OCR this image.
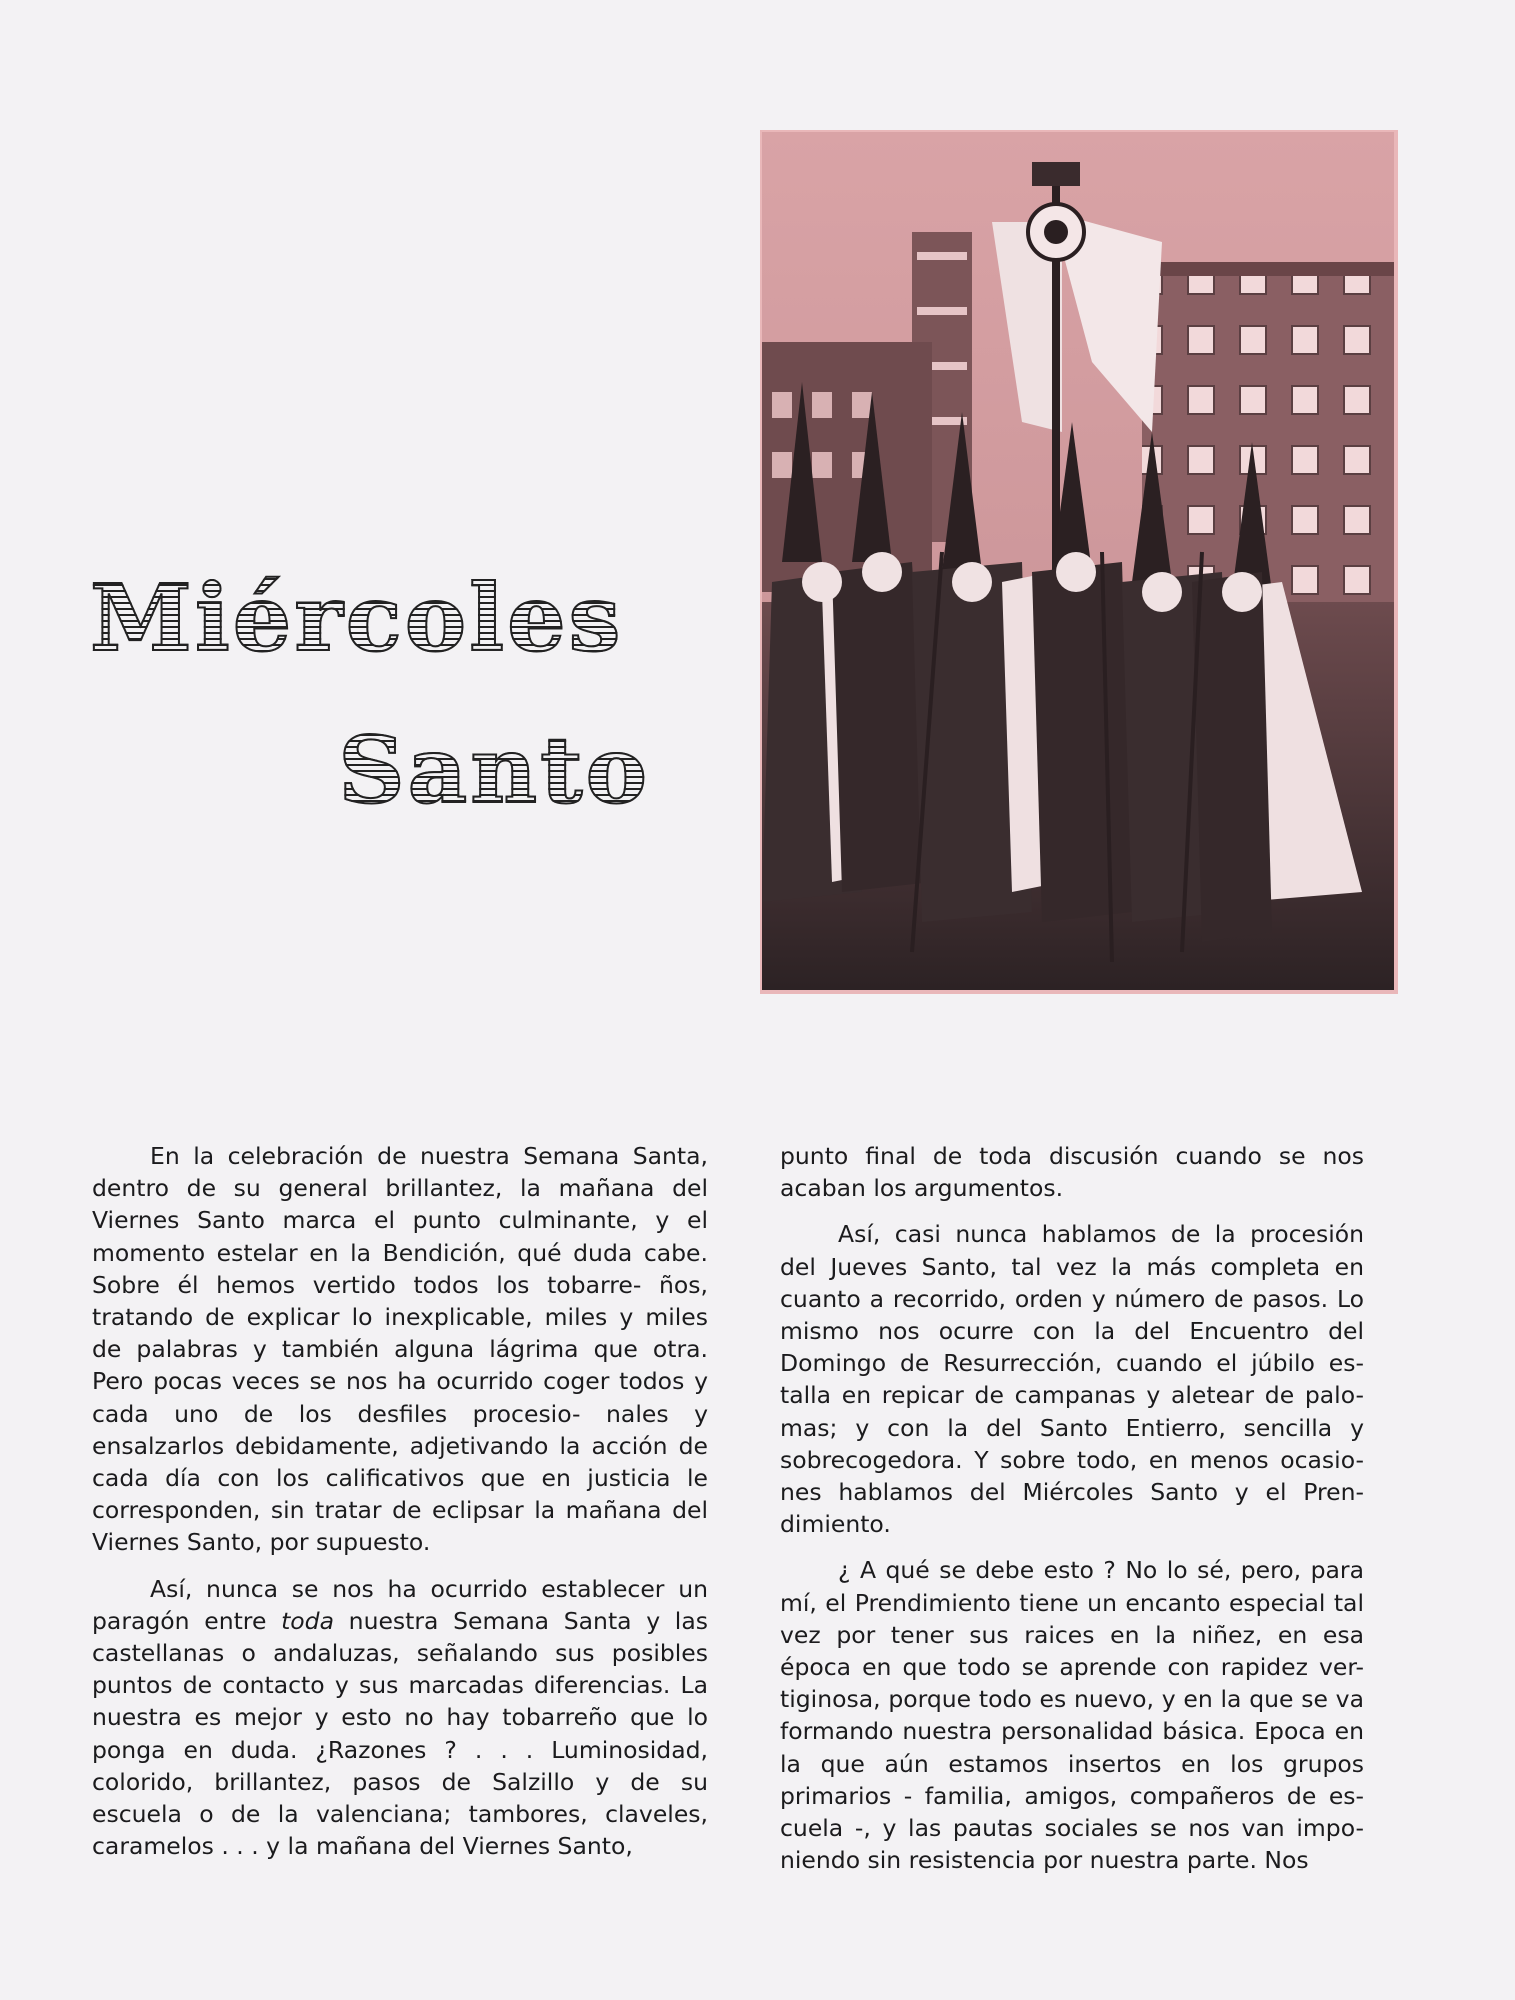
Miércoles
Santo

En la celebración de nuestra Semana Santa, dentro de su general brillantez, la mañana del Viernes Santo marca el punto culminante, y el momento estelar en la Bendición, qué duda cabe. Sobre él hemos vertido todos los tobarre- ños, tratando de explicar lo inexplicable, miles y miles de palabras y también alguna lágrima que otra. Pero pocas veces se nos ha ocurrido coger todos y cada uno de los desfiles procesio- nales y ensalzarlos debidamente, adjetivando la acción de cada día con los calificativos que en justicia le corresponden, sin tratar de eclipsar la mañana del Viernes Santo, por supuesto.

Así, nunca se nos ha ocurrido establecer un paragón entre toda nuestra Semana Santa y las castellanas o andaluzas, señalando sus posibles puntos de contacto y sus marcadas diferencias. La nuestra es mejor y esto no hay tobarreño que lo ponga en duda. ¿Razones ? . . . Luminosidad, colorido, brillantez, pasos de Salzillo y de su escuela o de la valenciana; tambores, claveles, caramelos . . . y la mañana del Viernes Santo,

punto final de toda discusión cuando se nos acaban los argumentos.

Así, casi nunca hablamos de la procesión del Jueves Santo, tal vez la más completa en cuanto a recorrido, orden y número de pasos. Lo mismo nos ocurre con la del Encuentro del Domingo de Resurrección, cuando el júbilo es- talla en repicar de campanas y aletear de palo- mas; y con la del Santo Entierro, sencilla y sobrecogedora. Y sobre todo, en menos ocasio- nes hablamos del Miércoles Santo y el Pren- dimiento.

¿ A qué se debe esto ? No lo sé, pero, para mí, el Prendimiento tiene un encanto especial tal vez por tener sus raices en la niñez, en esa época en que todo se aprende con rapidez ver- tiginosa, porque todo es nuevo, y en la que se va formando nuestra personalidad básica. Epoca en la que aún estamos insertos en los grupos primarios - familia, amigos, compañeros de es- cuela -, y las pautas sociales se nos van impo- niendo sin resistencia por nuestra parte. Nos
